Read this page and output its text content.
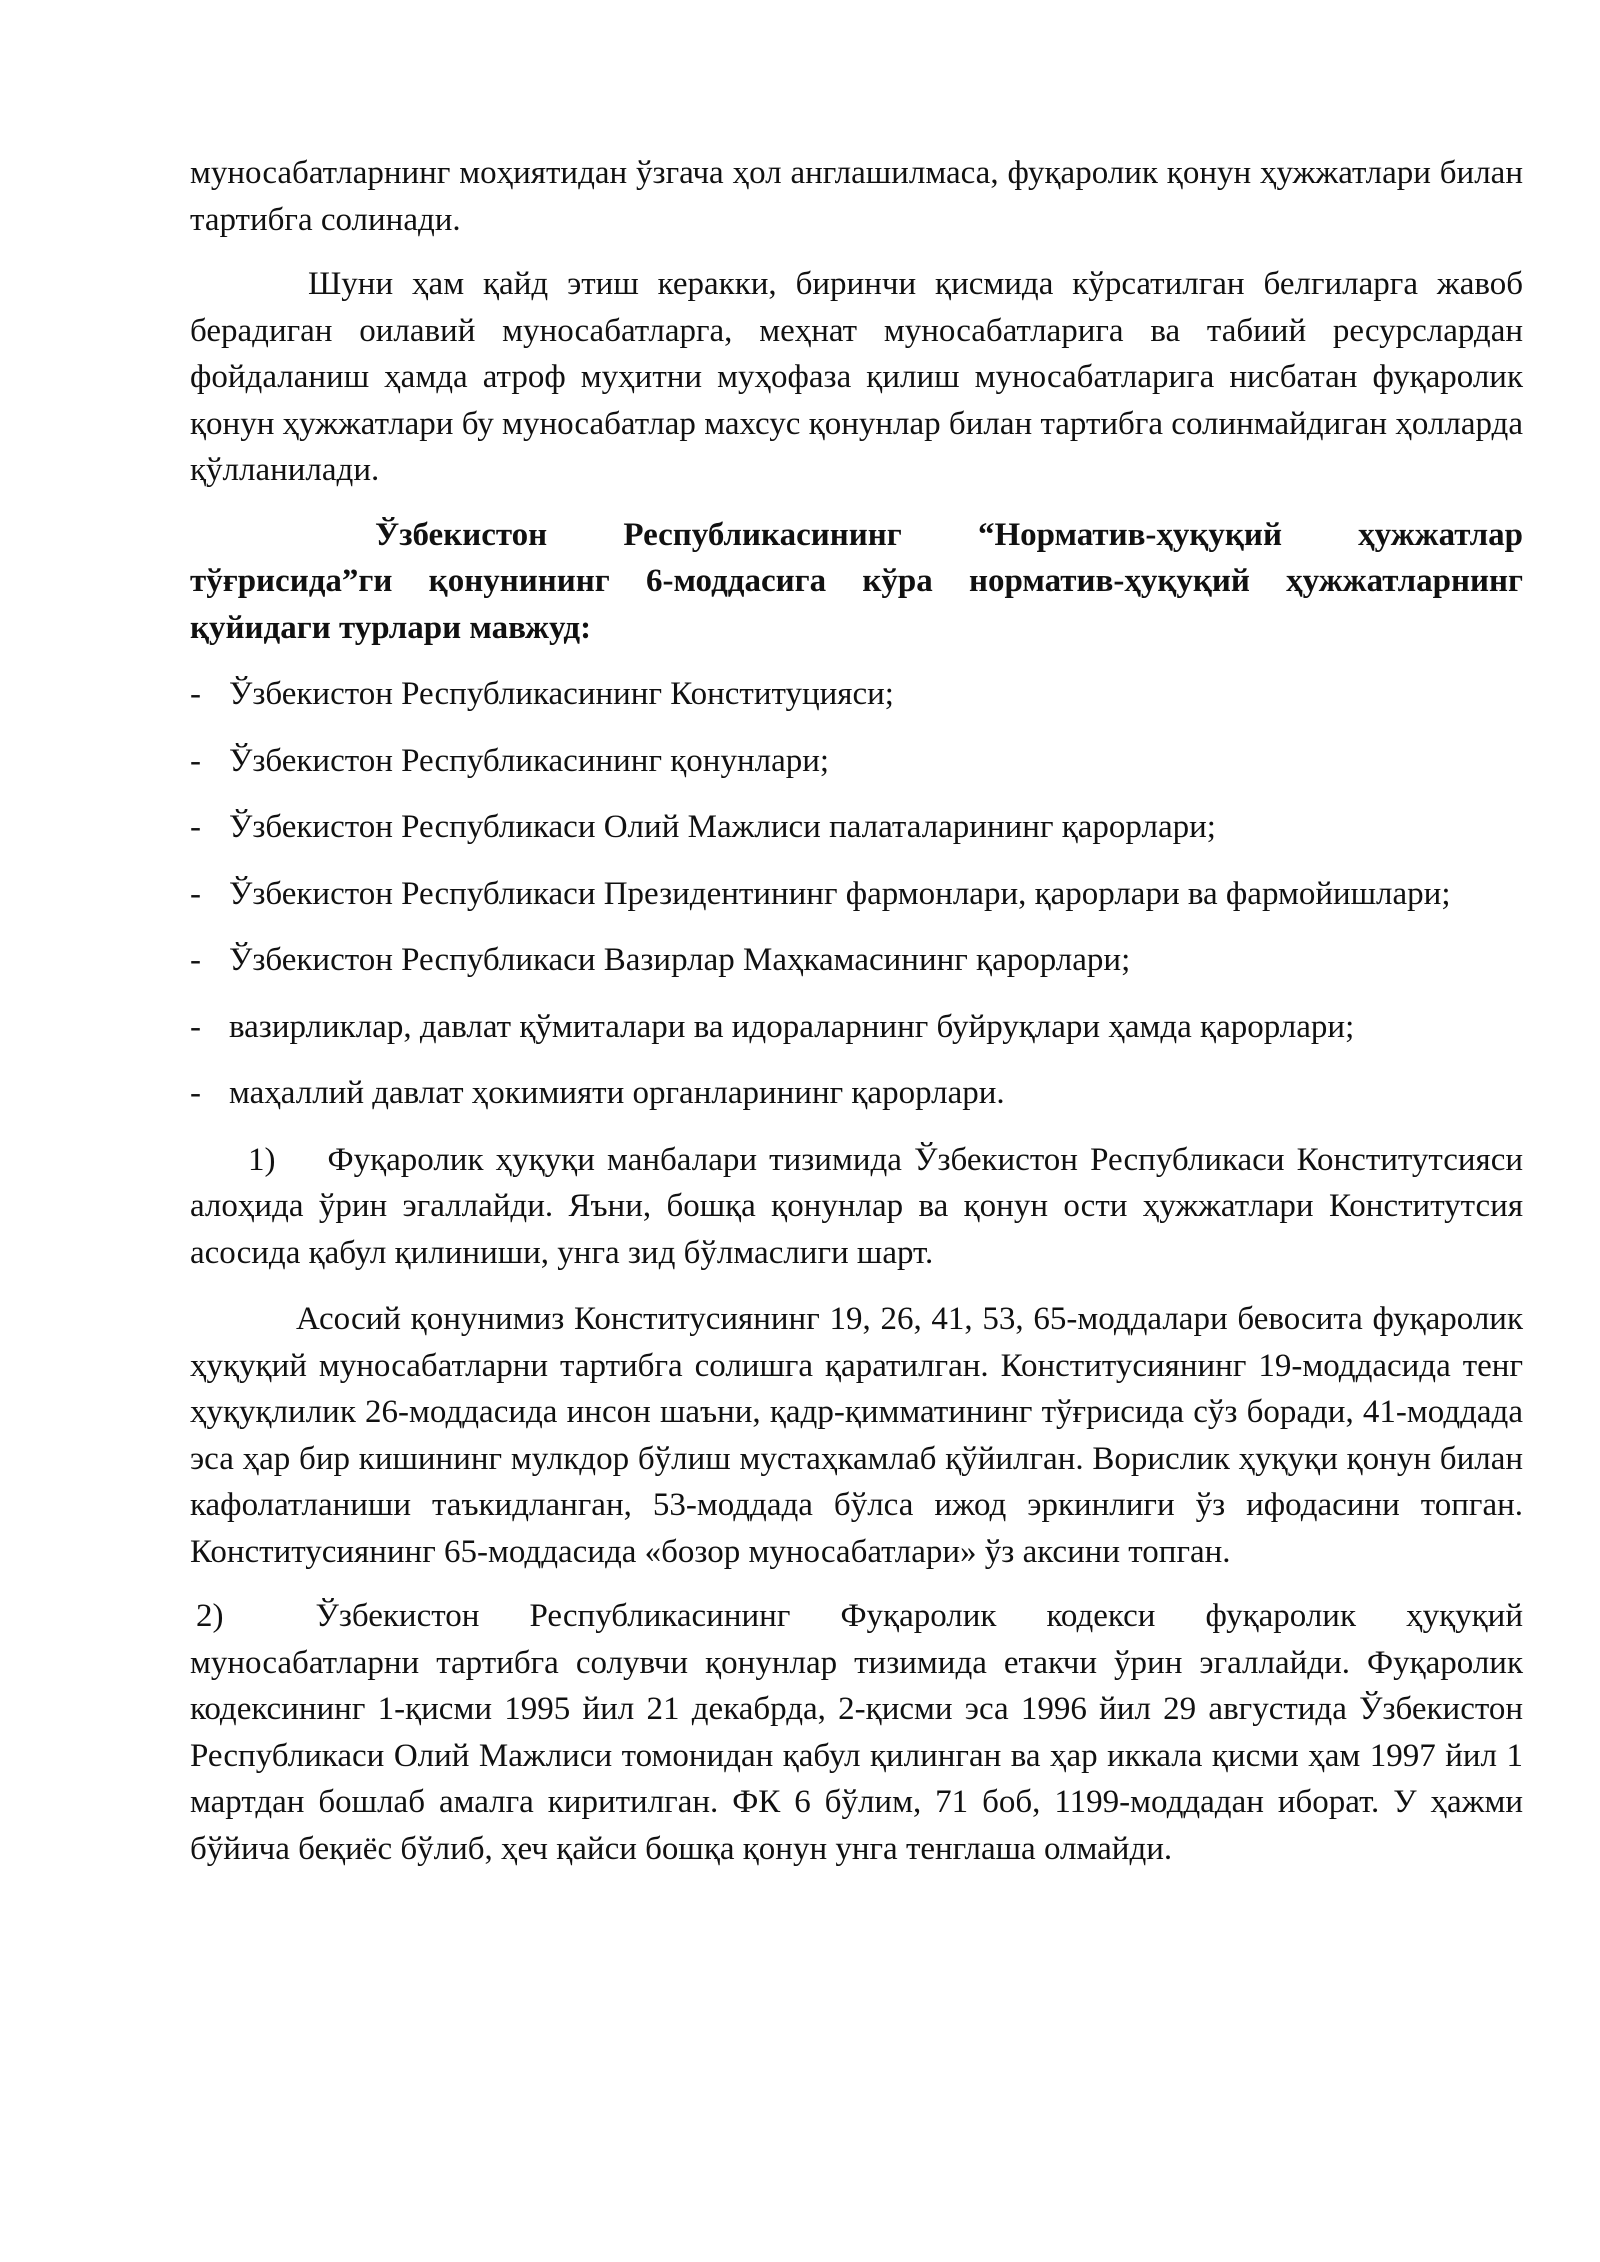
муносабатларнинг моҳиятидан ўзгача ҳол англашилмаса, фуқаролик қонун ҳужжатлари билан тартибга солинади.

Шуни ҳам қайд этиш керакки, биринчи қисмида кўрсатилган белгиларга жавоб берадиган оилавий муносабатларга, меҳнат муносабатларига ва табиий ресурслардан фойдаланиш ҳамда атроф муҳитни муҳофаза қилиш муносабатларига нисбатан фуқаролик қонун ҳужжатлари бу муносабатлар махсус қонунлар билан тартибга солинмайдиган ҳолларда қўлланилади.

Ўзбекистон Республикасининг “Норматив-ҳуқуқий ҳужжатлар тўғрисида”ги қонунининг 6-моддасига кўра норматив-ҳуқуқий ҳужжатларнинг қуйидаги турлари мавжуд:

- Ўзбекистон Республикасининг Конституцияси;
- Ўзбекистон Республикасининг қонунлари;
- Ўзбекистон Республикаси Олий Мажлиси палаталарининг қарорлари;
- Ўзбекистон Республикаси Президентининг фармонлари, қарорлари ва фармойишлари;
- Ўзбекистон Республикаси Вазирлар Маҳкамасининг қарорлари;
- вазирликлар, давлат қўмиталари ва идораларнинг буйруқлари ҳамда қарорлари;
- маҳаллий давлат ҳокимияти органларининг қарорлари.

1) Фуқаролик ҳуқуқи манбалари тизимида Ўзбекистон Республикаси Конститутсияси алоҳида ўрин эгаллайди. Яъни, бошқа қонунлар ва қонун ости ҳужжатлари Конститутсия асосида қабул қилиниши, унга зид бўлмаслиги шарт.

Асосий қонунимиз Конститусиянинг 19, 26, 41, 53, 65-моддалари бевосита фуқаролик ҳуқуқий муносабатларни тартибга солишга қаратилган. Конститусиянинг 19-моддасида тенг ҳуқуқлилик 26-моддасида инсон шаъни, қадр-қимматининг тўғрисида сўз боради, 41-моддада эса ҳар бир кишининг мулкдор бўлиш мустаҳкамлаб қўйилган. Ворислик ҳуқуқи қонун билан кафолатланиши таъкидланган, 53-моддада бўлса ижод эркинлиги ўз ифодасини топган. Конститусиянинг 65-моддасида «бозор муносабатлари» ўз аксини топган.

2)	Ўзбекистон Республикасининг Фуқаролик кодекси фуқаролик ҳуқуқий муносабатларни тартибга солувчи қонунлар тизимида етакчи ўрин эгаллайди. Фуқаролик кодексининг 1-қисми 1995 йил 21 декабрда, 2-қисми эса 1996 йил 29 августида Ўзбекистон Республикаси Олий Мажлиси томонидан қабул қилинган ва ҳар иккала қисми ҳам 1997 йил 1 мартдан бошлаб амалга киритилган. ФК 6 бўлим, 71 боб, 1199-моддадан иборат. У ҳажми бўйича беқиёс бўлиб, ҳеч қайси бошқа қонун унга тенглаша олмайди.
